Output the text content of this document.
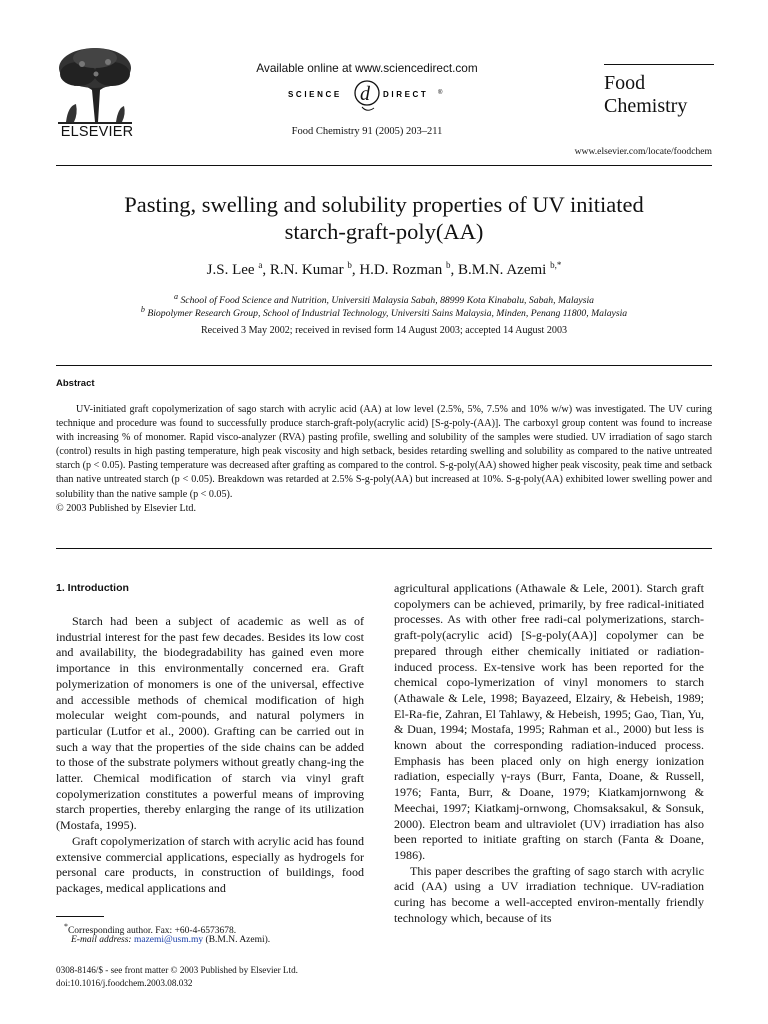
ELSEVIER
Available online at www.sciencedirect.com
SCIENCE d DIRECT ®
Food Chemistry 91 (2005) 203–211
Food
Chemistry
www.elsevier.com/locate/foodchem
Pasting, swelling and solubility properties of UV initiated
starch-graft-poly(AA)
J.S. Lee $^a$, R.N. Kumar $^b$, H.D. Rozman $^b$, B.M.N. Azemi $^{b,*}$
$^a$ School of Food Science and Nutrition, Universiti Malaysia Sabah, 88999 Kota Kinabalu, Sabah, Malaysia
$^b$ Biopolymer Research Group, School of Industrial Technology, Universiti Sains Malaysia, Minden, Penang 11800, Malaysia
Received 3 May 2002; received in revised form 14 August 2003; accepted 14 August 2003
Abstract

UV-initiated graft copolymerization of sago starch with acrylic acid (AA) at low level (2.5%, 5%, 7.5% and 10% w/w) was investigated. The UV curing technique and procedure was found to successfully produce starch-graft-poly(acrylic acid) [S-g-poly-(AA)]. The carboxyl group content was found to increase with increasing % of monomer. Rapid visco-analyzer (RVA) pasting profile, swelling and solubility of the samples were studied. UV irradiation of sago starch (control) results in high pasting temperature, high peak viscosity and high setback, besides retarding swelling and solubility as compared to the native untreated starch (p < 0.05). Pasting temperature was decreased after grafting as compared to the control. S-g-poly(AA) showed higher peak viscosity, peak time and setback than native untreated starch (p < 0.05). Breakdown was retarded at 2.5% S-g-poly(AA) but increased at 10%. S-g-poly(AA) exhibited lower swelling power and solubility than the native sample (p < 0.05).

© 2003 Published by Elsevier Ltd.
1. Introduction

Starch had been a subject of academic as well as of industrial interest for the past few decades. Besides its low cost and availability, the biodegradability has gained even more importance in this environmentally concerned era. Graft polymerization of monomers is one of the universal, effective and accessible methods of chemical modification of high molecular weight com-pounds, and natural polymers in particular (Lutfor et al., 2000). Grafting can be carried out in such a way that the properties of the side chains can be added to those of the substrate polymers without greatly chang-ing the latter. Chemical modification of starch via vinyl graft copolymerization constitutes a powerful means of improving starch properties, thereby enlarging the range of its utilization (Mostafa, 1995).

Graft copolymerization of starch with acrylic acid has found extensive commercial applications, especially as hydrogels for personal care products, in construction of buildings, food packages, medical applications and

agricultural applications (Athawale & Lele, 2001). Starch graft copolymers can be achieved, primarily, by free radical-initiated processes. As with other free radi-cal polymerizations, starch-graft-poly(acrylic acid) [S-g-poly(AA)] copolymer can be prepared through either chemically initiated or radiation-induced process. Ex-tensive work has been reported for the chemical copo-lymerization of vinyl monomers to starch (Athawale & Lele, 1998; Bayazeed, Elzairy, & Hebeish, 1989; El-Ra-fie, Zahran, El Tahlawy, & Hebeish, 1995; Gao, Tian, Yu, & Duan, 1994; Mostafa, 1995; Rahman et al., 2000) but less is known about the corresponding radiation-induced process. Emphasis has been placed only on high energy ionization radiation, especially γ-rays (Burr, Fanta, Doane, & Russell, 1976; Fanta, Burr, & Doane, 1979; Kiatkamjornwong & Meechai, 1997; Kiatkamj-ornwong, Chomsaksakul, & Sonsuk, 2000). Electron beam and ultraviolet (UV) irradiation has also been reported to initiate grafting on starch (Fanta & Doane, 1986).

This paper describes the grafting of sago starch with acrylic acid (AA) using a UV irradiation technique. UV-radiation curing has become a well-accepted environ-mentally friendly technology which, because of its

*Corresponding author. Fax: +60-4-6573678.
E-mail address: mazemi@usm.my (B.M.N. Azemi).
0308-8146/$ - see front matter © 2003 Published by Elsevier Ltd.
doi:10.1016/j.foodchem.2003.08.032
